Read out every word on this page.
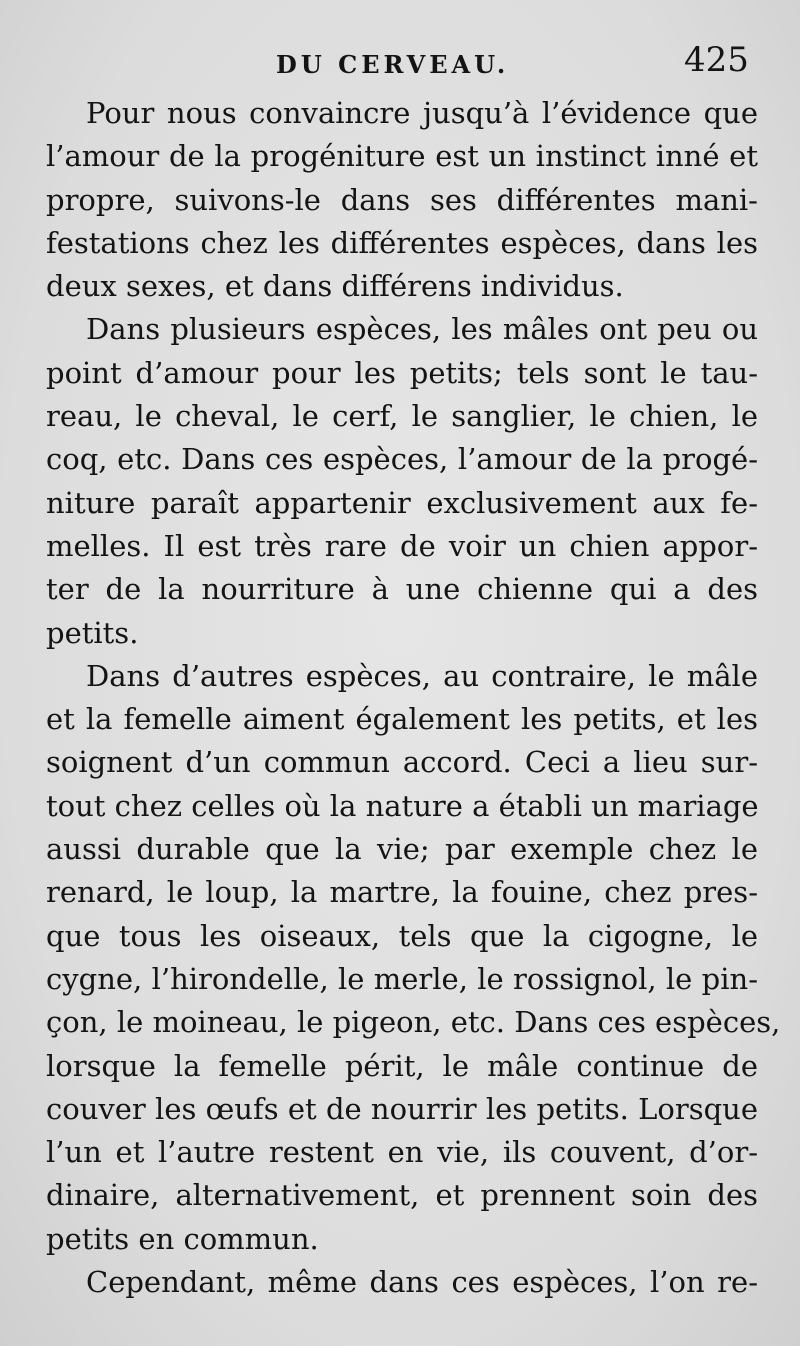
DU CERVEAU.	425
Pour nous convaincre jusqu’à l’évidence que
l’amour de la progéniture est un instinct inné et
propre, suivons-le dans ses différentes mani-
festations chez les différentes espèces, dans les
deux sexes, et dans différens individus.
Dans plusieurs espèces, les mâles ont peu ou
point d’amour pour les petits; tels sont le tau-
reau, le cheval, le cerf, le sanglier, le chien, le
coq, etc. Dans ces espèces, l’amour de la progé-
niture paraît appartenir exclusivement aux fe-
melles. Il est très rare de voir un chien appor-
ter de la nourriture à une chienne qui a des
petits.
Dans d’autres espèces, au contraire, le mâle
et la femelle aiment également les petits, et les
soignent d’un commun accord. Ceci a lieu sur-
tout chez celles où la nature a établi un mariage
aussi durable que la vie; par exemple chez le
renard, le loup, la martre, la fouine, chez pres-
que tous les oiseaux, tels que la cigogne, le
cygne, l’hirondelle, le merle, le rossignol, le pin-
çon, le moineau, le pigeon, etc. Dans ces espèces,
lorsque la femelle périt, le mâle continue de
couver les œufs et de nourrir les petits. Lorsque
l’un et l’autre restent en vie, ils couvent, d’or-
dinaire, alternativement, et prennent soin des
petits en commun.
Cependant, même dans ces espèces, l’on re-
